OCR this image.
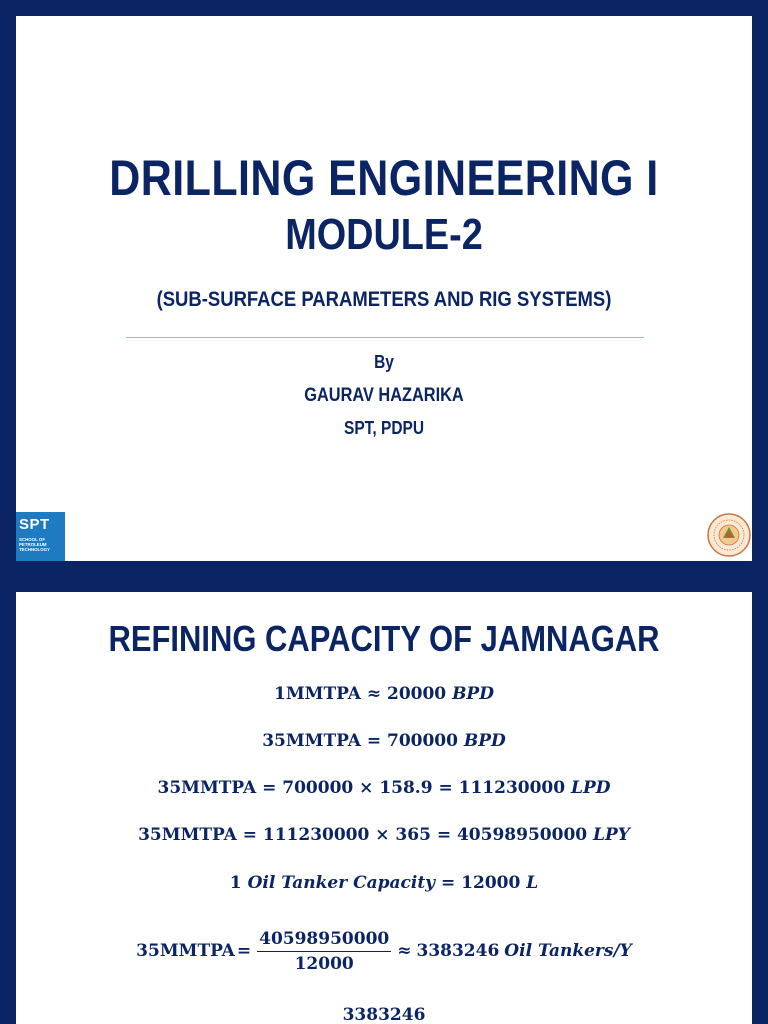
DRILLING ENGINEERING I
MODULE-2
(SUB-SURFACE PARAMETERS AND RIG SYSTEMS)
By
GAURAV HAZARIKA
SPT, PDPU
SPT
SCHOOL OF
PETROLEUM
TECHNOLOGY
REFINING CAPACITY OF JAMNAGAR
1MMTPA ≈ 20000 BPD
35MMTPA = 700000 BPD
35MMTPA = 700000 × 158.9 = 111230000 LPD
35MMTPA = 111230000 × 365 = 40598950000 LPY
1 Oil Tanker Capacity = 12000 L
35MMTPA = $\frac{40598950000}{12000} \approx 3383246$ Oil Tankers/Y
3383246
